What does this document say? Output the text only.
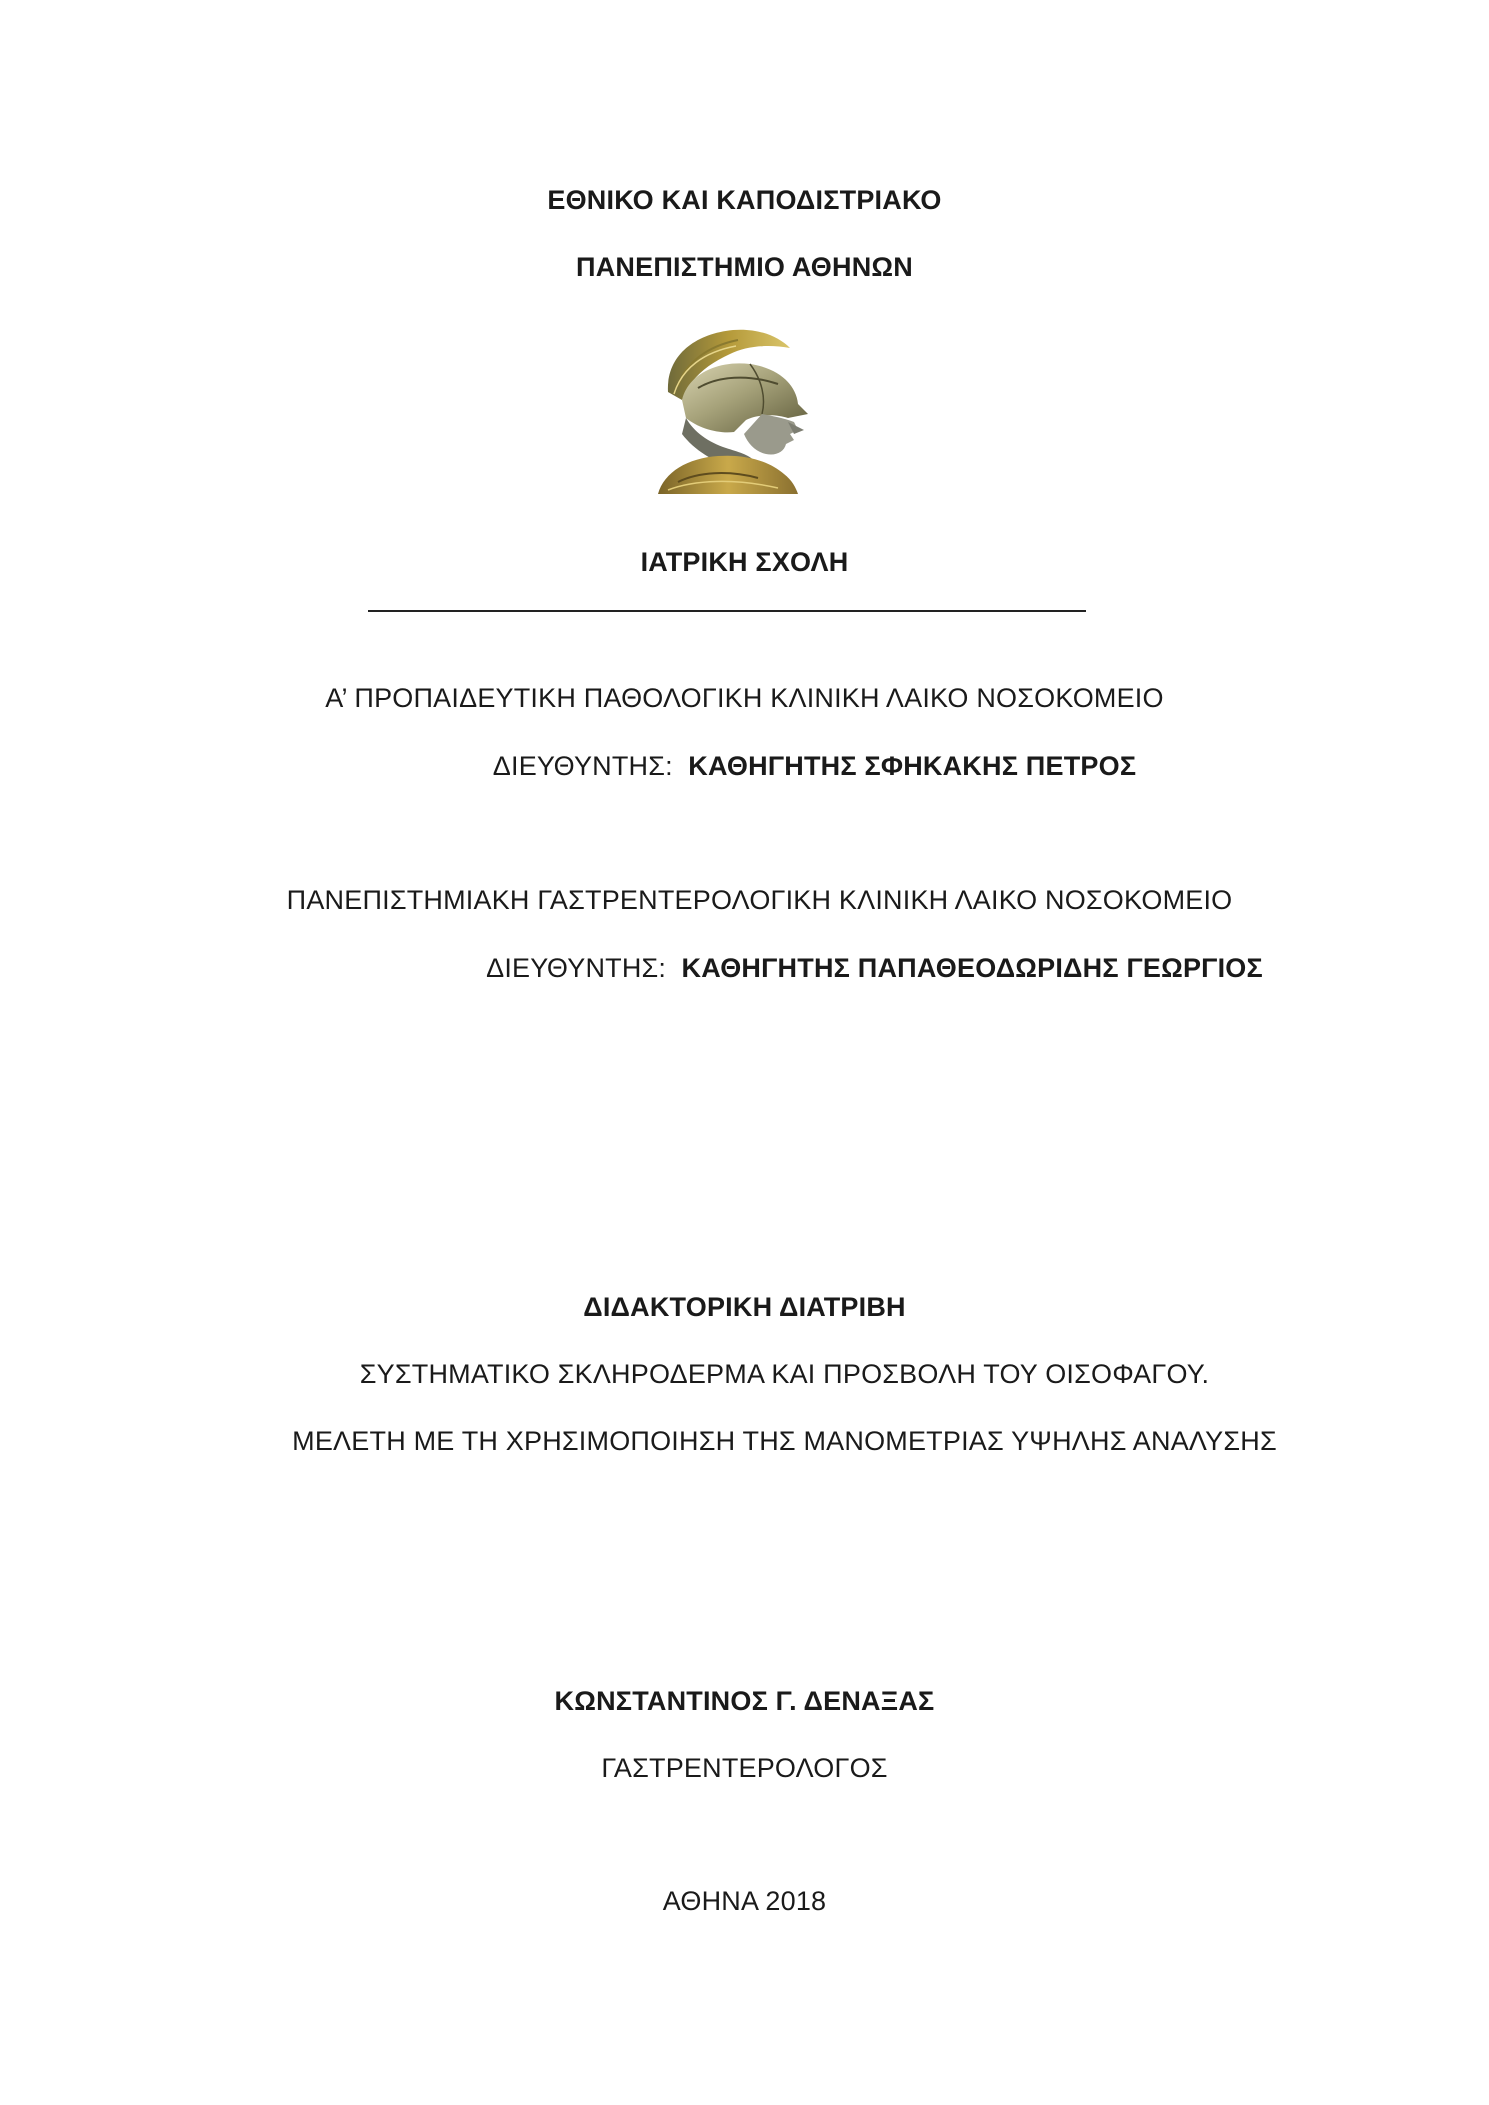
ΕΘΝΙΚΟ ΚΑΙ ΚΑΠΟΔΙΣΤΡΙΑΚΟ
ΠΑΝΕΠΙΣΤΗΜΙΟ ΑΘΗΝΩΝ
ΙΑΤΡΙΚΗ ΣΧΟΛΗ
Α’ ΠΡΟΠΑΙΔΕΥΤΙΚΗ ΠΑΘΟΛΟΓΙΚΗ ΚΛΙΝΙΚΗ ΛΑΙΚΟ ΝΟΣΟΚΟΜΕΙΟ
ΔΙΕΥΘΥΝΤΗΣ: ΚΑΘΗΓΗΤΗΣ ΣΦΗΚΑΚΗΣ ΠΕΤΡΟΣ
ΠΑΝΕΠΙΣΤΗΜΙΑΚΗ ΓΑΣΤΡΕΝΤΕΡΟΛΟΓΙΚΗ ΚΛΙΝΙΚΗ ΛΑΙΚΟ ΝΟΣΟΚΟΜΕΙΟ
ΔΙΕΥΘΥΝΤΗΣ: ΚΑΘΗΓΗΤΗΣ ΠΑΠΑΘΕΟΔΩΡΙΔΗΣ ΓΕΩΡΓΙΟΣ
ΔΙΔΑΚΤΟΡΙΚΗ ΔΙΑΤΡΙΒΗ
ΣΥΣΤΗΜΑΤΙΚΟ ΣΚΛΗΡΟΔΕΡΜΑ ΚΑΙ ΠΡΟΣΒΟΛΗ ΤΟΥ ΟΙΣΟΦΑΓΟΥ.
ΜΕΛΕΤΗ ΜΕ ΤΗ ΧΡΗΣΙΜΟΠΟΙΗΣΗ ΤΗΣ ΜΑΝΟΜΕΤΡΙΑΣ ΥΨΗΛΗΣ ΑΝΑΛΥΣΗΣ
ΚΩΝΣΤΑΝΤΙΝΟΣ Γ. ΔΕΝΑΞΑΣ
ΓΑΣΤΡΕΝΤΕΡΟΛΟΓΟΣ
ΑΘΗΝΑ 2018
